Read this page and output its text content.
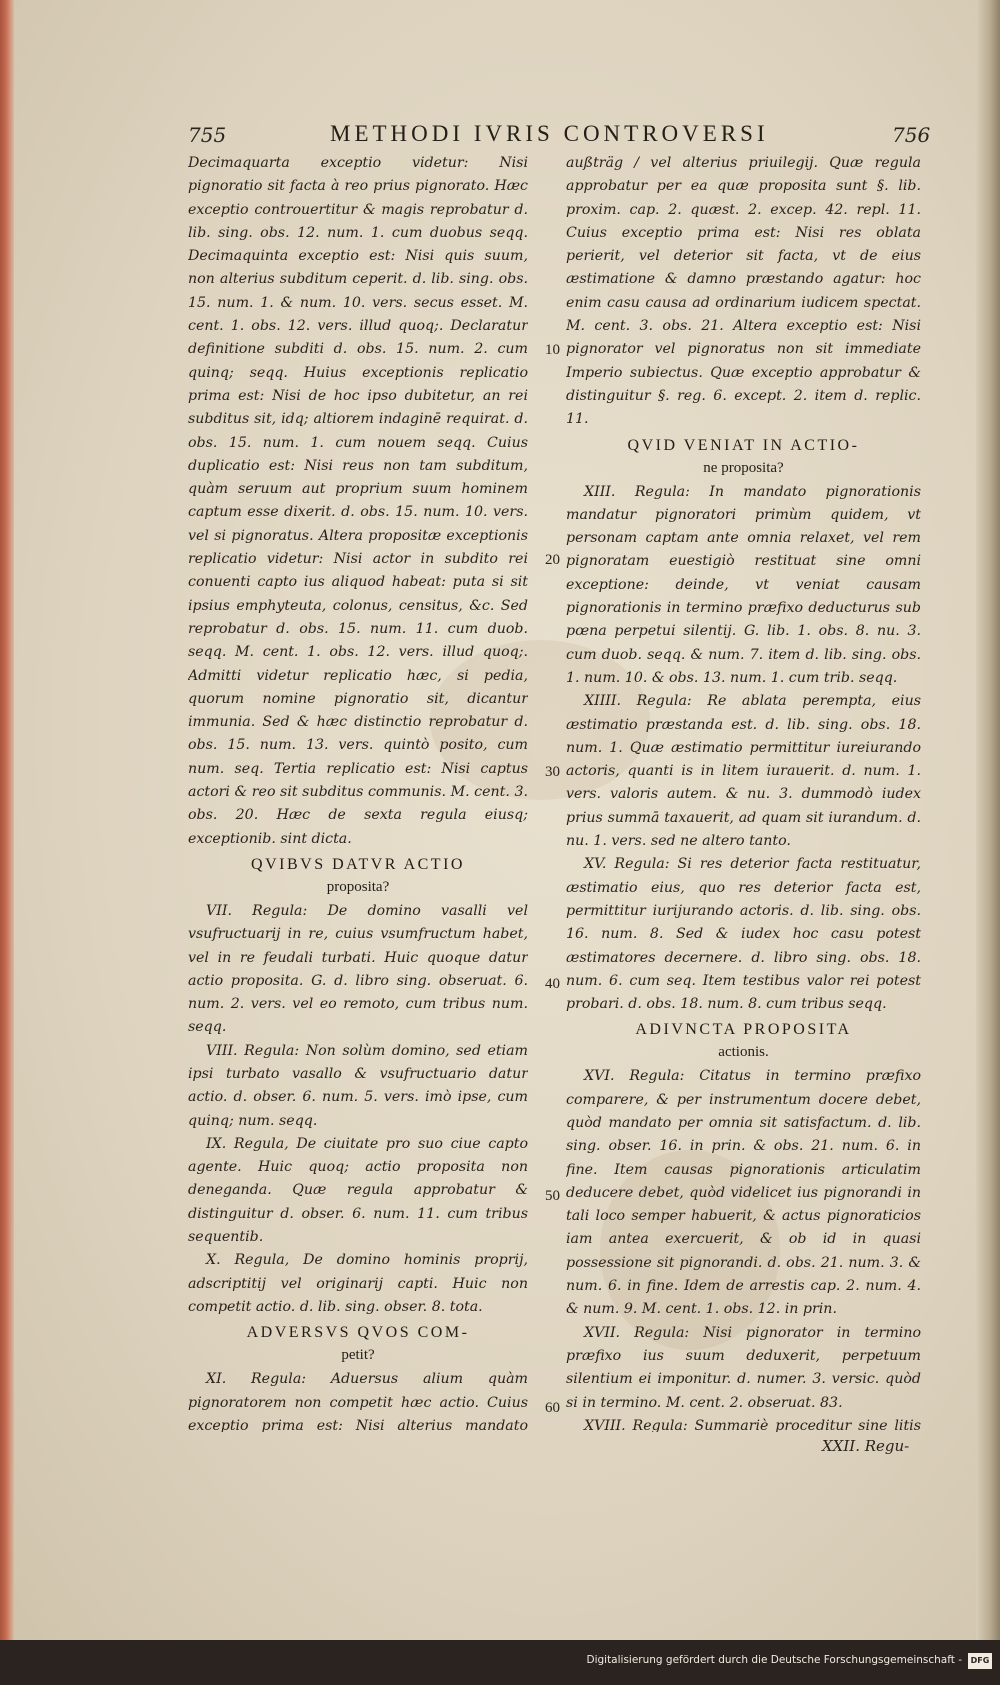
755	METHODI IVRIS CONTROVERSI	756

Decimaquarta exceptio videtur: Nisi pignoratio sit facta à reo prius pignorato. Hæc exceptio controuertitur & magis reprobatur d. lib. sing. obs. 12. num. 1. cum duobus seqq. Decimaquinta exceptio est: Nisi quis suum, non alterius subditum ceperit. d. lib. sing. obs. 15. num. 1. & num. 10. vers. secus esset. M. cent. 1. obs. 12. vers. illud quoq;. Declaratur definitione subditi d. obs. 15. num. 2. cum quinq; seqq. Huius exceptionis replicatio prima est: Nisi de hoc ipso dubitetur, an rei subditus sit, idq; altiorem indaginē requirat. d. obs. 15. num. 1. cum nouem seqq. Cuius duplicatio est: Nisi reus non tam subditum, quàm seruum aut proprium suum hominem captum esse dixerit. d. obs. 15. num. 10. vers. vel si pignoratus. Altera propositæ exceptionis replicatio videtur: Nisi actor in subdito rei conuenti capto ius aliquod habeat: puta si sit ipsius emphyteuta, colonus, censitus, &c. Sed reprobatur d. obs. 15. num. 11. cum duob. seqq. M. cent. 1. obs. 12. vers. illud quoq;. Admitti videtur replicatio hæc, si pedia, quorum nomine pignoratio sit, dicantur immunia. Sed & hæc distinctio reprobatur d. obs. 15. num. 13. vers. quintò posito, cum num. seq. Tertia replicatio est: Nisi captus actori & reo sit subditus communis. M. cent. 3. obs. 20. Hæc de sexta regula eiusq; exceptionib. sint dicta.

QVIBVS DATVR ACTIO
proposita?

VII. Regula: De domino vasalli vel vsufructuarij in re, cuius vsumfructum habet, vel in re feudali turbati. Huic quoque datur actio proposita. G. d. libro sing. obseruat. 6. num. 2. vers. vel eo remoto, cum tribus num. seqq.

VIII. Regula: Non solùm domino, sed etiam ipsi turbato vasallo & vsufructuario datur actio. d. obser. 6. num. 5. vers. imò ipse, cum quinq; num. seqq.

IX. Regula, De ciuitate pro suo ciue capto agente. Huic quoq; actio proposita non deneganda. Quæ regula approbatur & distinguitur d. obser. 6. num. 11. cum tribus sequentib.

X. Regula, De domino hominis proprij, adscriptitij vel originarij capti. Huic non competit actio. d. lib. sing. obser. 8. tota.

ADVERSVS QVOS COM-
petit?

XI. Regula: Aduersus alium quàm pignoratorem non competit hæc actio. Cuius exceptio prima est: Nisi alterius mandato

außträg / vel alterius priuilegij. Quæ regula approbatur per ea quæ proposita sunt §. lib. proxim. cap. 2. quæst. 2. excep. 42. repl. 11. Cuius exceptio prima est: Nisi res oblata perierit, vel deterior sit facta, vt de eius æstimatione & damno præstando agatur: hoc enim casu causa ad ordinarium iudicem spectat. M. cent. 3. obs. 21. Altera exceptio est: Nisi pignorator vel pignoratus non sit immediate Imperio subiectus. Quæ exceptio approbatur & distinguitur §. reg. 6. except. 2. item d. replic. 11.

QVID VENIAT IN ACTIO-
ne proposita?

XIII. Regula: In mandato pignorationis mandatur pignoratori primùm quidem, vt personam captam ante omnia relaxet, vel rem pignoratam euestigiò restituat sine omni exceptione: deinde, vt veniat causam pignorationis in termino præfixo deducturus sub pœna perpetui silentij. G. lib. 1. obs. 8. nu. 3. cum duob. seqq. & num. 7. item d. lib. sing. obs. 1. num. 10. & obs. 13. num. 1. cum trib. seqq.

XIIII. Regula: Re ablata perempta, eius æstimatio præstanda est. d. lib. sing. obs. 18. num. 1. Quæ æstimatio permittitur iureiurando actoris, quanti is in litem iurauerit. d. num. 1. vers. valoris autem. & nu. 3. dummodò iudex prius summā taxauerit, ad quam sit iurandum. d. nu. 1. vers. sed ne altero tanto.

XV. Regula: Si res deterior facta restituatur, æstimatio eius, quo res deterior facta est, permittitur iurijurando actoris. d. lib. sing. obs. 16. num. 8. Sed & iudex hoc casu potest æstimatores decernere. d. libro sing. obs. 18. num. 6. cum seq. Item testibus valor rei potest probari. d. obs. 18. num. 8. cum tribus seqq.

ADIVNCTA PROPOSITA
actionis.

XVI. Regula: Citatus in termino præfixo comparere, & per instrumentum docere debet, quòd mandato per omnia sit satisfactum. d. lib. sing. obser. 16. in prin. & obs. 21. num. 6. in fine. Item causas pignorationis articulatim deducere debet, quòd videlicet ius pignorandi in tali loco semper habuerit, & actus pignoraticios iam antea exercuerit, & ob id in quasi possessione sit pignorandi. d. obs. 21. num. 3. & num. 6. in fine. Idem de arrestis cap. 2. num. 4. & num. 9. M. cent. 1. obs. 12. in prin.

XVII. Regula: Nisi pignorator in termino præfixo ius suum deduxerit, perpetuum silentium ei imponitur. d. numer. 3. versic. quòd si in termino. M. cent. 2. obseruat. 83.

XVIII. Regula: Summariè proceditur sine litis

10
20
30
40
50
60
XXII. Regu-
Digitalisierung gefördert durch die Deutsche Forschungsgemeinschaft -	DFG
